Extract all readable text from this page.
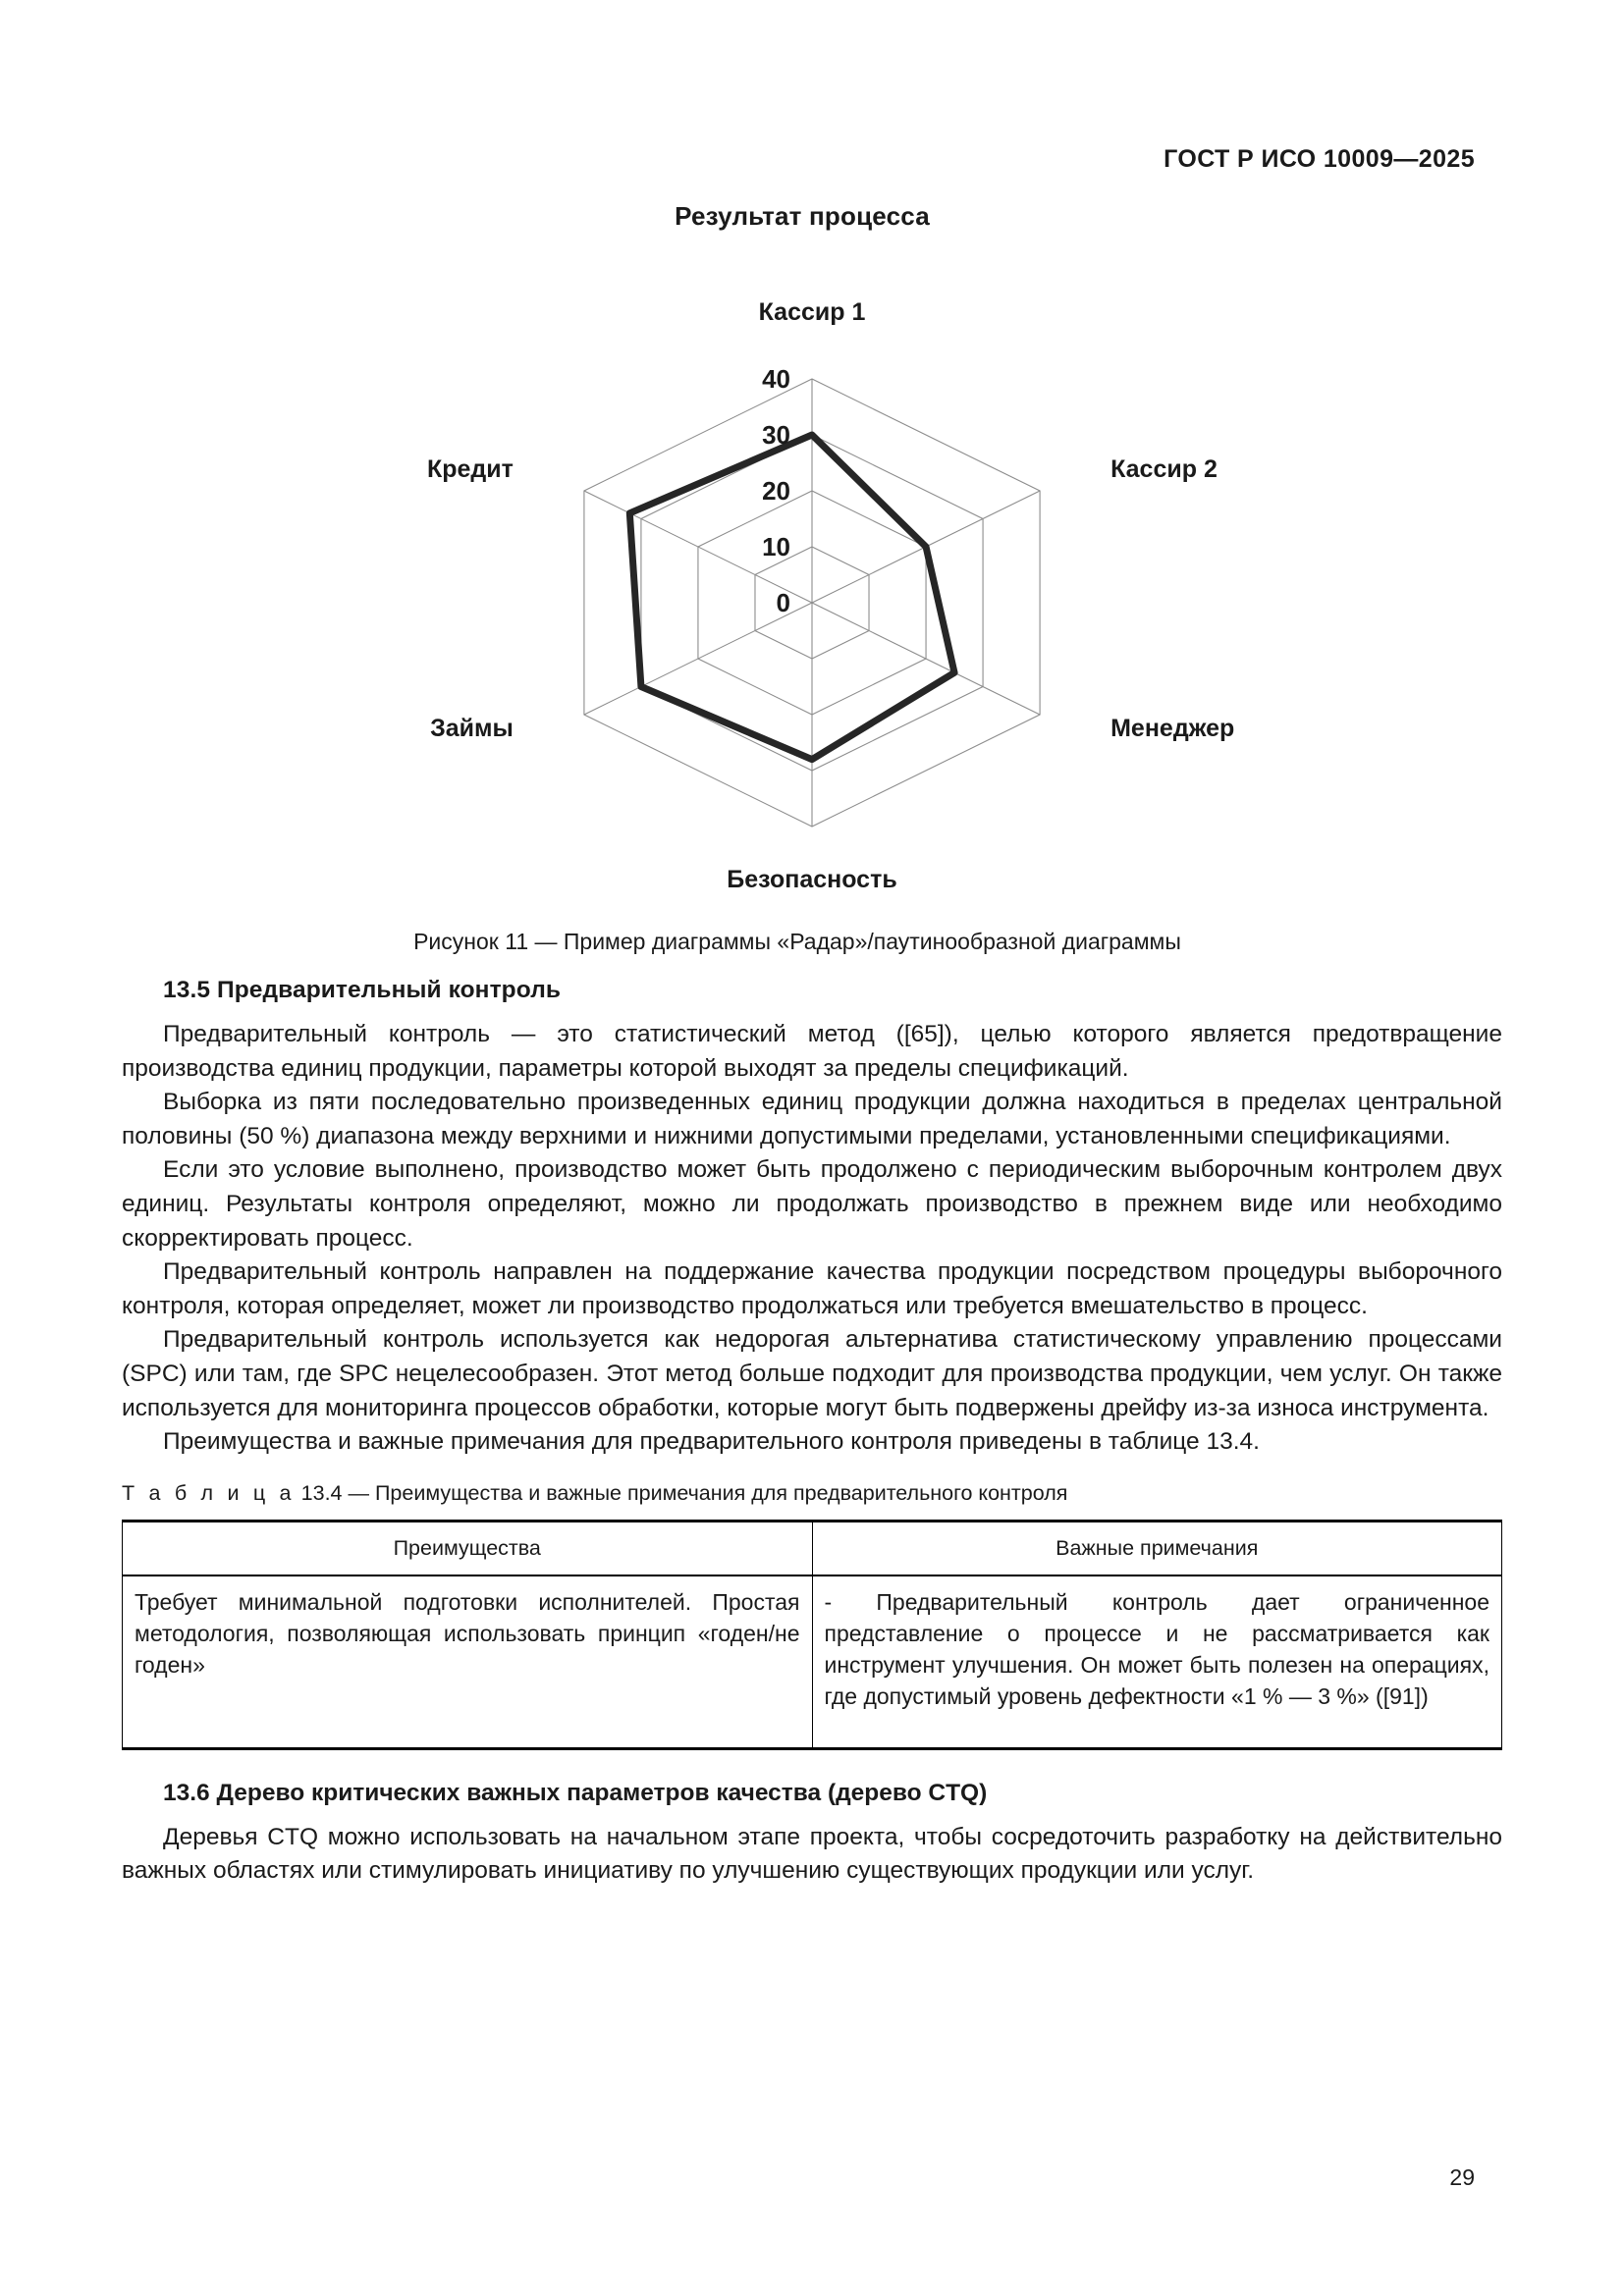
ГОСТ Р ИСО 10009—2025
Результат процесса
0
10
20
30
40
Кассир 1
Кассир 2
Менеджер
Безопасность
Займы
Кредит
Рисунок 11 — Пример диаграммы «Радар»/паутинообразной диаграммы
13.5 Предварительный контроль

Предварительный контроль — это статистический метод ([65]), целью которого является предотвращение производства единиц продукции, параметры которой выходят за пределы спецификаций.

Выборка из пяти последовательно произведенных единиц продукции должна находиться в пределах центральной половины (50 %) диапазона между верхними и нижними допустимыми пределами, установленными спецификациями.

Если это условие выполнено, производство может быть продолжено с периодическим выборочным контролем двух единиц. Результаты контроля определяют, можно ли продолжать производство в прежнем виде или необходимо скорректировать процесс.

Предварительный контроль направлен на поддержание качества продукции посредством процедуры выборочного контроля, которая определяет, может ли производство продолжаться или требуется вмешательство в процесс.

Предварительный контроль используется как недорогая альтернатива статистическому управлению процессами (SPC) или там, где SPC нецелесообразен. Этот метод больше подходит для производства продукции, чем услуг. Он также используется для мониторинга процессов обработки, которые могут быть подвержены дрейфу из-за износа инструмента.

Преимущества и важные примечания для предварительного контроля приведены в таблице 13.4.

Т а б л и ц а 13.4 — Преимущества и важные примечания для предварительного контроля
Преимущества	Важные примечания
Требует минимальной подготовки исполнителей. Простая методология, позволяющая использовать принцип «годен/не годен»	- Предварительный контроль дает ограниченное представление о процессе и не рассматривается как инструмент улучшения. Он может быть полезен на операциях, где допустимый уровень дефектности «1 % — 3 %» ([91])
13.6 Дерево критических важных параметров качества (дерево CTQ)

Деревья CTQ можно использовать на начальном этапе проекта, чтобы сосредоточить разработку на действительно важных областях или стимулировать инициативу по улучшению существующих продукции или услуг.

29
